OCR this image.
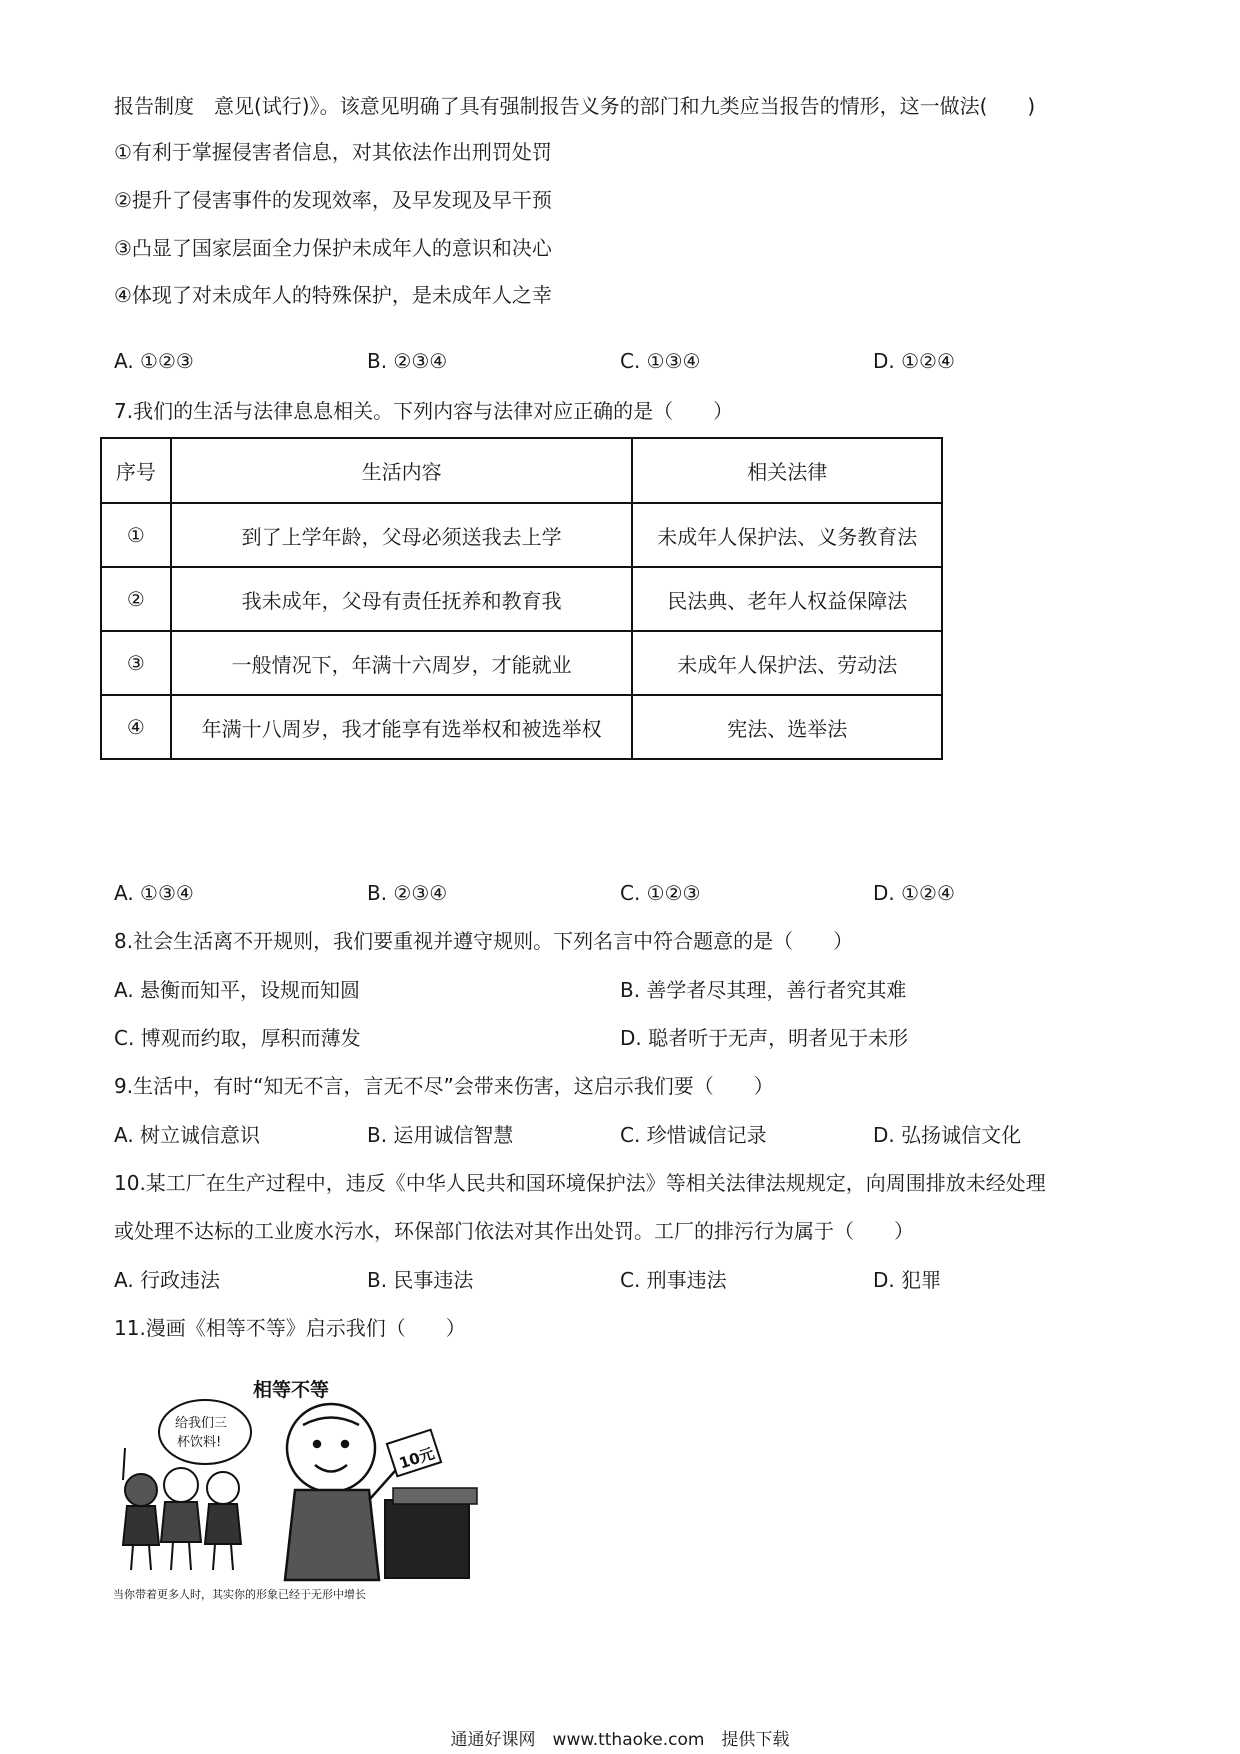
报告制度　意见(试行)》。该意见明确了具有强制报告义务的部门和九类应当报告的情形，这一做法(　　)
①有利于掌握侵害者信息，对其依法作出刑罚处罚
②提升了侵害事件的发现效率，及早发现及早干预
③凸显了国家层面全力保护未成年人的意识和决心
④体现了对未成年人的特殊保护，是未成年人之幸
A. ①②③	B. ②③④	C. ①③④	D. ①②④
7.我们的生活与法律息息相关。下列内容与法律对应正确的是（　　）
序号	生活内容	相关法律
①	到了上学年龄，父母必须送我去上学	未成年人保护法、义务教育法
②	我未成年，父母有责任抚养和教育我	民法典、老年人权益保障法
③	一般情况下，年满十六周岁，才能就业	未成年人保护法、劳动法
④	年满十八周岁，我才能享有选举权和被选举权	宪法、选举法
A. ①③④	B. ②③④	C. ①②③	D. ①②④
8.社会生活离不开规则，我们要重视并遵守规则。下列名言中符合题意的是（　　）
A. 悬衡而知平，设规而知圆	B. 善学者尽其理，善行者究其难
C. 博观而约取，厚积而薄发	D. 聪者听于无声，明者见于未形
9.生活中，有时“知无不言，言无不尽”会带来伤害，这启示我们要（　　）
A. 树立诚信意识	B. 运用诚信智慧	C. 珍惜诚信记录	D. 弘扬诚信文化
10.某工厂在生产过程中，违反《中华人民共和国环境保护法》等相关法律法规规定，向周围排放未经处理
或处理不达标的工业废水污水，环保部门依法对其作出处罚。工厂的排污行为属于（　　）
A. 行政违法	B. 民事违法	C. 刑事违法	D. 犯罪
11.漫画《相等不等》启示我们（　　）
相等不等
给我们三
杯饮料!
10元
当你带着更多人时，其实你的形象已经于无形中增长
通通好课网　www.tthaoke.com　提供下载
